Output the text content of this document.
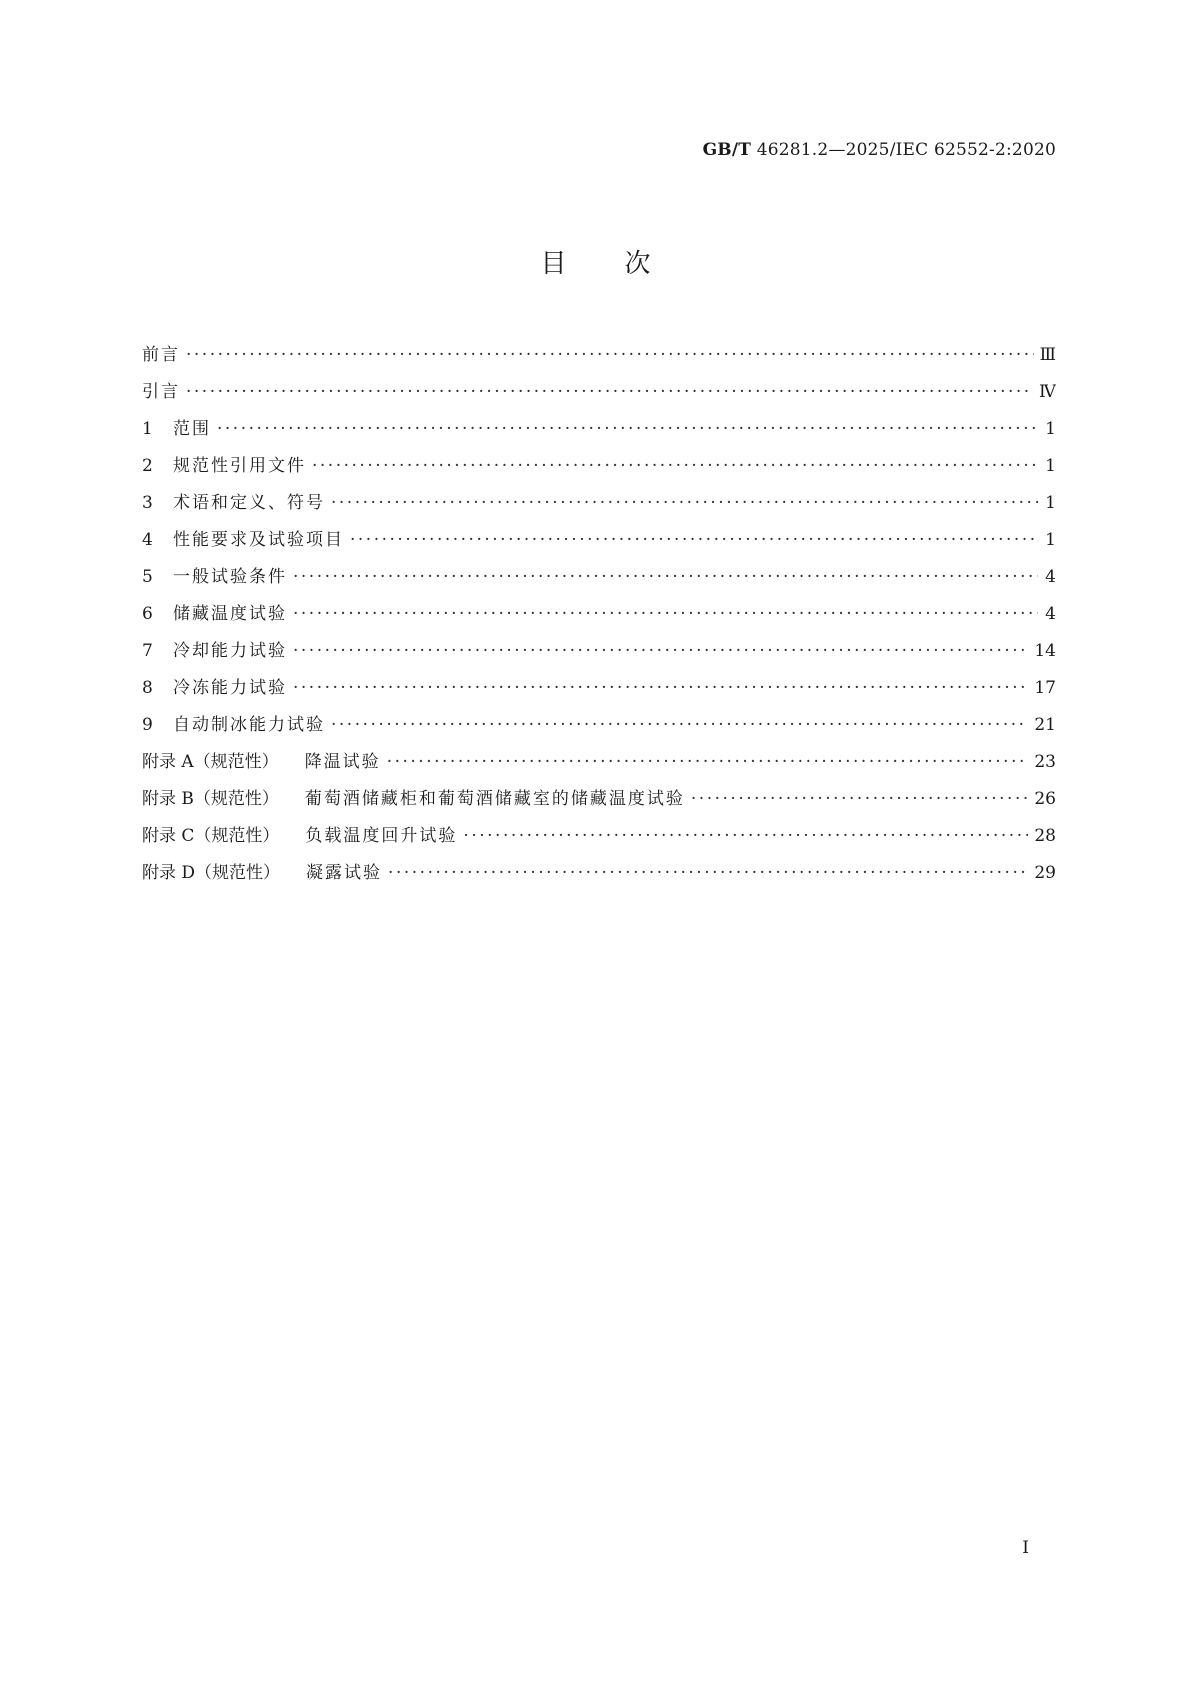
GB/T 46281.2—2025/IEC 62552-2:2020
目次
前言 ·····	Ⅲ
引言 ·····	Ⅳ
1	范围 ·····	1
2	规范性引用文件 ·····	1
3	术语和定义、符号 ·····	1
4	性能要求及试验项目 ·····	1
5	一般试验条件 ·····	4
6	储藏温度试验 ·····	4
7	冷却能力试验 ·····	14
8	冷冻能力试验 ·····	17
9	自动制冰能力试验 ·····	21
附录 A（规范性） 降温试验 ·····	23
附录 B（规范性） 葡萄酒储藏柜和葡萄酒储藏室的储藏温度试验 ·····	26
附录 C（规范性） 负载温度回升试验 ·····	28
附录 D（规范性） 凝露试验 ·····	29
Ⅰ
